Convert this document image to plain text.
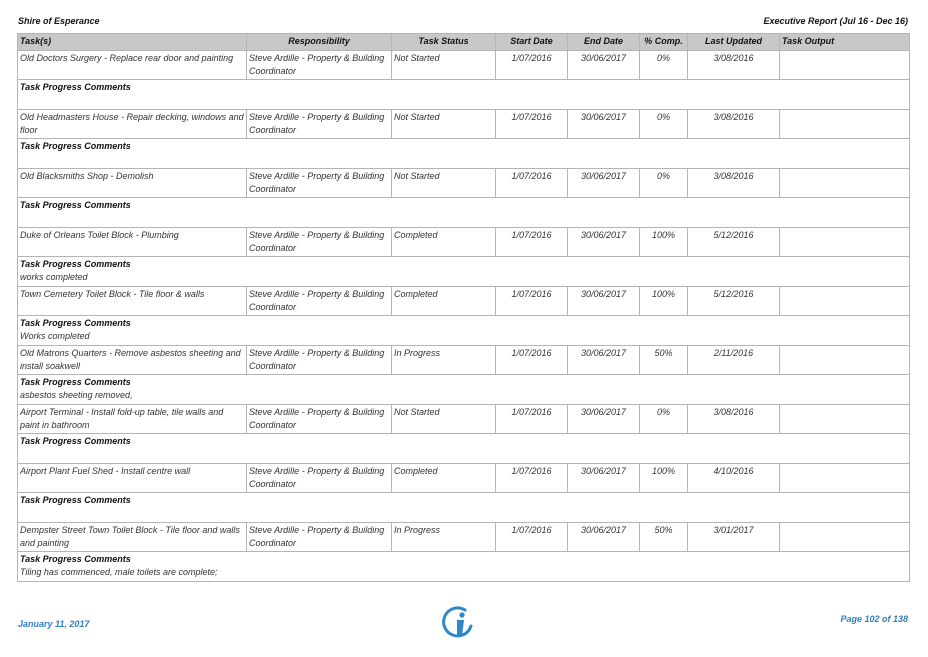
Shire of Esperance	Executive Report (Jul 16 - Dec 16)
Task(s)	Responsibility	Task Status	Start Date	End Date	% Comp.	Last Updated	Task Output
Old Doctors Surgery - Replace rear door and painting	Steve Ardille - Property & Building Coordinator	Not Started	1/07/2016	30/06/2017	0%	3/08/2016	

Task Progress Comments							

Old Headmasters House - Repair decking, windows and floor	Steve Ardille - Property & Building Coordinator	Not Started	1/07/2016	30/06/2017	0%	3/08/2016	

Task Progress Comments							

Old Blacksmiths Shop - Demolish	Steve Ardille - Property & Building Coordinator	Not Started	1/07/2016	30/06/2017	0%	3/08/2016	

Task Progress Comments							

Duke of Orleans Toilet Block - Plumbing	Steve Ardille - Property & Building Coordinator	Completed	1/07/2016	30/06/2017	100%	5/12/2016	

Task Progress Comments
works completed							

Town Cemetery Toilet Block - Tile floor & walls	Steve Ardille - Property & Building Coordinator	Completed	1/07/2016	30/06/2017	100%	5/12/2016	

Task Progress Comments
Works completed							

Old Matrons Quarters - Remove asbestos sheeting and install soakwell	Steve Ardille - Property & Building Coordinator	In Progress	1/07/2016	30/06/2017	50%	2/11/2016	

Task Progress Comments
asbestos sheeting removed,							

Airport Terminal - Install fold-up table, tile walls and paint in bathroom	Steve Ardille - Property & Building Coordinator	Not Started	1/07/2016	30/06/2017	0%	3/08/2016	

Task Progress Comments							

Airport Plant Fuel Shed - Install centre wall	Steve Ardille - Property & Building Coordinator	Completed	1/07/2016	30/06/2017	100%	4/10/2016	

Task Progress Comments							

Dempster Street Town Toilet Block - Tile floor and walls and painting	Steve Ardille - Property & Building Coordinator	In Progress	1/07/2016	30/06/2017	50%	3/01/2017	

Task Progress Comments
Tiling has commenced, male toilets are complete;							
January 11, 2017	Page 102 of 138
